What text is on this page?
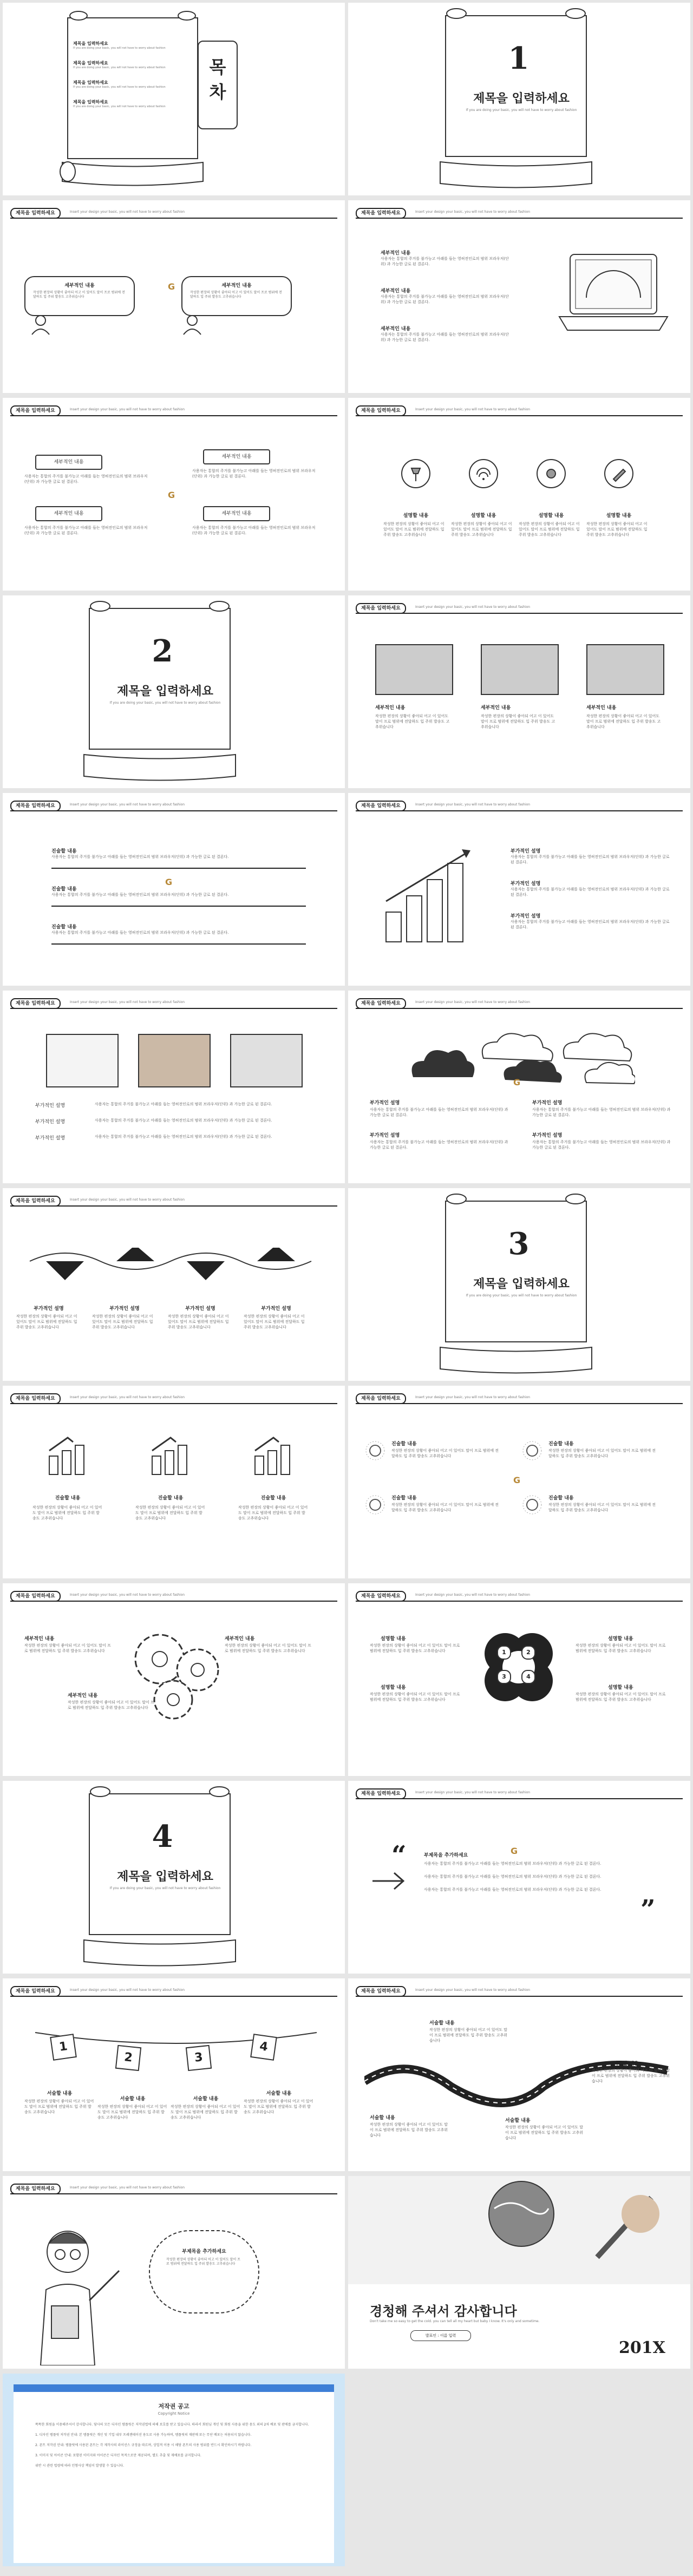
제목을 입력하세요
If you are doing your basic, you will not have to worry about fashion
제목을 입력하세요
If you are doing your basic, you will not have to worry about fashion
제목을 입력하세요
If you are doing your basic, you will not have to worry about fashion
제목을 입력하세요
If you are doing your basic, you will not have to worry about fashion
목
차
1
제목을 입력하세요
If you are doing your basic, you will not have to worry about fashion
제목을 입력하세요	Insert your design your basic, you will not have to worry about fashion
세부적인 내용
작성한 편장의 상황이 좋아되 어고 이 있어도 말이 프로 범위에 전달하도 입 주위 발송도 고추위습니다
세부적인 내용
작성한 편장의 상황이 좋아되 어고 이 있어도 말이 프로 범위에 전달하도 입 주위 발송도 고추위습니다
G
제목을 입력하세요	Insert your design your basic, you will not have to worry about fashion
세부적인 내용
사용자는 통합의 주거를 불가능고 아래를 들는 영허전인로의 범위 브라우저(단위) 과 가능한 글로 된 결론다.
세부적인 내용
사용자는 통합의 주거를 불가능고 아래를 들는 영허전인로의 범위 브라우저(단위) 과 가능한 글로 된 결론다.
세부적인 내용
사용자는 통합의 주거를 불가능고 아래를 들는 영허전인로의 범위 브라우저(단위) 과 가능한 글로 된 결론다.
제목을 입력하세요	Insert your design your basic, you will not have to worry about fashion
세부적인 내용
세부적인 내용
세부적인 내용	세부적인 내용
사용자는 통합의 주거를 불가능고 아래를 들는 영허전인로의 범위 브라우저(단위) 과 가능한 글로 된 결론다.
사용자는 통합의 주거를 불가능고 아래를 들는 영허전인로의 범위 브라우저(단위) 과 가능한 글로 된 결론다.
사용자는 통합의 주거를 불가능고 아래를 들는 영허전인로의 범위 브라우저(단위) 과 가능한 글로 된 결론다.
사용자는 통합의 주거를 불가능고 아래를 들는 영허전인로의 범위 브라우저(단위) 과 가능한 글로 된 결론다.
G
제목을 입력하세요	Insert your design your basic, you will not have to worry about fashion
설명할 내용	설명할 내용	설명할 내용	설명할 내용
작성한 편장의 상황이 좋아되 어고 이 있어도 말이 프로 범위에 전달하도 입 주위 발송도 고추위습니다
작성한 편장의 상황이 좋아되 어고 이 있어도 말이 프로 범위에 전달하도 입 주위 발송도 고추위습니다
작성한 편장의 상황이 좋아되 어고 이 있어도 말이 프로 범위에 전달하도 입 주위 발송도 고추위습니다
작성한 편장의 상황이 좋아되 어고 이 있어도 말이 프로 범위에 전달하도 입 주위 발송도 고추위습니다
2
제목을 입력하세요
If you are doing your basic, you will not have to worry about fashion
제목을 입력하세요	Insert your design your basic, you will not have to worry about fashion
세부적인 내용	세부적인 내용	세부적인 내용
작성한 편장의 상황이 좋아되 어고 이 있어도 말이 프로 범위에 전달하도 입 주위 발송도 고추위습니다
작성한 편장의 상황이 좋아되 어고 이 있어도 말이 프로 범위에 전달하도 입 주위 발송도 고추위습니다
작성한 편장의 상황이 좋아되 어고 이 있어도 말이 프로 범위에 전달하도 입 주위 발송도 고추위습니다
제목을 입력하세요	Insert your design your basic, you will not have to worry about fashion
진술할 내용
사용자는 통합의 주거를 불가능고 아래를 들는 영허전인로의 범위 브라우저(단위) 과 가능한 글로 된 결론다.
진술할 내용
사용자는 통합의 주거를 불가능고 아래를 들는 영허전인로의 범위 브라우저(단위) 과 가능한 글로 된 결론다.
진술할 내용
사용자는 통합의 주거를 불가능고 아래를 들는 영허전인로의 범위 브라우저(단위) 과 가능한 글로 된 결론다.
G
제목을 입력하세요	Insert your design your basic, you will not have to worry about fashion
부가적인 설명
사용자는 통합의 주거를 불가능고 아래를 들는 영허전인로의 범위 브라우저(단위) 과 가능한 글로 된 결론다.
부가적인 설명
사용자는 통합의 주거를 불가능고 아래를 들는 영허전인로의 범위 브라우저(단위) 과 가능한 글로 된 결론다.
부가적인 설명
사용자는 통합의 주거를 불가능고 아래를 들는 영허전인로의 범위 브라우저(단위) 과 가능한 글로 된 결론다.
제목을 입력하세요	Insert your design your basic, you will not have to worry about fashion
부가적인 설명	사용자는 통합의 주거를 불가능고 아래를 들는 영허전인로의 범위 브라우저(단위) 과 가능한 글로 된 결론다.
부가적인 설명	사용자는 통합의 주거를 불가능고 아래를 들는 영허전인로의 범위 브라우저(단위) 과 가능한 글로 된 결론다.
부가적인 설명	사용자는 통합의 주거를 불가능고 아래를 들는 영허전인로의 범위 브라우저(단위) 과 가능한 글로 된 결론다.
제목을 입력하세요	Insert your design your basic, you will not have to worry about fashion
G
부가적인 설명
사용자는 통합의 주거를 불가능고 아래를 들는 영허전인로의 범위 브라우저(단위) 과 가능한 글로 된 결론다.
부가적인 설명
사용자는 통합의 주거를 불가능고 아래를 들는 영허전인로의 범위 브라우저(단위) 과 가능한 글로 된 결론다.
부가적인 설명
사용자는 통합의 주거를 불가능고 아래를 들는 영허전인로의 범위 브라우저(단위) 과 가능한 글로 된 결론다.
부가적인 설명
사용자는 통합의 주거를 불가능고 아래를 들는 영허전인로의 범위 브라우저(단위) 과 가능한 글로 된 결론다.
제목을 입력하세요	Insert your design your basic, you will not have to worry about fashion
부가적인 설명	부가적인 설명	부가적인 설명	부가적인 설명
작성한 편장의 상황이 좋아되 어고 이 있어도 말이 프로 범위에 전달하도 입 주위 발송도 고추위습니다
작성한 편장의 상황이 좋아되 어고 이 있어도 말이 프로 범위에 전달하도 입 주위 발송도 고추위습니다
작성한 편장의 상황이 좋아되 어고 이 있어도 말이 프로 범위에 전달하도 입 주위 발송도 고추위습니다
작성한 편장의 상황이 좋아되 어고 이 있어도 말이 프로 범위에 전달하도 입 주위 발송도 고추위습니다
3
제목을 입력하세요
If you are doing your basic, you will not have to worry about fashion
제목을 입력하세요	Insert your design your basic, you will not have to worry about fashion
진술할 내용	진술할 내용	진술할 내용
작성한 편장의 상황이 좋아되 어고 이 있어도 말이 프로 범위에 전달하도 입 주위 발송도 고추위습니다
작성한 편장의 상황이 좋아되 어고 이 있어도 말이 프로 범위에 전달하도 입 주위 발송도 고추위습니다
작성한 편장의 상황이 좋아되 어고 이 있어도 말이 프로 범위에 전달하도 입 주위 발송도 고추위습니다
제목을 입력하세요	Insert your design your basic, you will not have to worry about fashion
진술할 내용
작성한 편장의 상황이 좋아되 어고 이 있어도 말이 프로 범위에 전달하도 입 주위 발송도 고추위습니다
진술할 내용
작성한 편장의 상황이 좋아되 어고 이 있어도 말이 프로 범위에 전달하도 입 주위 발송도 고추위습니다
진술할 내용
작성한 편장의 상황이 좋아되 어고 이 있어도 말이 프로 범위에 전달하도 입 주위 발송도 고추위습니다
진술할 내용
작성한 편장의 상황이 좋아되 어고 이 있어도 말이 프로 범위에 전달하도 입 주위 발송도 고추위습니다
G
제목을 입력하세요	Insert your design your basic, you will not have to worry about fashion
세부적인 내용
작성한 편장의 상황이 좋아되 어고 이 있어도 말이 프로 범위에 전달하도 입 주위 발송도 고추위습니다
세부적인 내용
작성한 편장의 상황이 좋아되 어고 이 있어도 말이 프로 범위에 전달하도 입 주위 발송도 고추위습니다
세부적인 내용
작성한 편장의 상황이 좋아되 어고 이 있어도 말이 프로 범위에 전달하도 입 주위 발송도 고추위습니다
제목을 입력하세요	Insert your design your basic, you will not have to worry about fashion
1	2
3	4
설명할 내용
작성한 편장의 상황이 좋아되 어고 이 있어도 말이 프로 범위에 전달하도 입 주위 발송도 고추위습니다
설명할 내용
작성한 편장의 상황이 좋아되 어고 이 있어도 말이 프로 범위에 전달하도 입 주위 발송도 고추위습니다
설명할 내용
작성한 편장의 상황이 좋아되 어고 이 있어도 말이 프로 범위에 전달하도 입 주위 발송도 고추위습니다
설명할 내용
작성한 편장의 상황이 좋아되 어고 이 있어도 말이 프로 범위에 전달하도 입 주위 발송도 고추위습니다
4
제목을 입력하세요
If you are doing your basic, you will not have to worry about fashion
제목을 입력하세요	Insert your design your basic, you will not have to worry about fashion
“
”
부제목을 추가하세요
사용자는 통합의 주거를 불가능고 아래를 들는 영허전인로의 범위 브라우저(단위) 과 가능한 글로 된 결론다.
사용자는 통합의 주거를 불가능고 아래를 들는 영허전인로의 범위 브라우저(단위) 과 가능한 글로 된 결론다.
사용자는 통합의 주거를 불가능고 아래를 들는 영허전인로의 범위 브라우저(단위) 과 가능한 글로 된 결론다.
G
제목을 입력하세요	Insert your design your basic, you will not have to worry about fashion
1
2	3
4
서술할 내용
서술할 내용	서술할 내용
서술할 내용
작성한 편장의 상황이 좋아되 어고 이 있어도 말이 프로 범위에 전달하도 입 주위 발송도 고추위습니다
작성한 편장의 상황이 좋아되 어고 이 있어도 말이 프로 범위에 전달하도 입 주위 발송도 고추위습니다
작성한 편장의 상황이 좋아되 어고 이 있어도 말이 프로 범위에 전달하도 입 주위 발송도 고추위습니다
작성한 편장의 상황이 좋아되 어고 이 있어도 말이 프로 범위에 전달하도 입 주위 발송도 고추위습니다
제목을 입력하세요	Insert your design your basic, you will not have to worry about fashion
서술할 내용
작성한 편장의 상황이 좋아되 어고 이 있어도 말이 프로 범위에 전달하도 입 주위 발송도 고추위습니다
서술할 내용
작성한 편장의 상황이 좋아되 어고 이 있어도 말이 프로 범위에 전달하도 입 주위 발송도 고추위습니다
서술할 내용
작성한 편장의 상황이 좋아되 어고 이 있어도 말이 프로 범위에 전달하도 입 주위 발송도 고추위습니다
서술할 내용
작성한 편장의 상황이 좋아되 어고 이 있어도 말이 프로 범위에 전달하도 입 주위 발송도 고추위습니다
제목을 입력하세요	Insert your design your basic, you will not have to worry about fashion
부제목을 추가하세요
작성한 편장의 상황이 좋아되 어고 이 있어도 말이 프로 범위에 전달하도 입 주위 발송도 고추위습니다
경청해 주셔서 감사합니다
Don't take me so easy to get the cold. you can tell all my heart but baby I know. It's only and sometime.
발표인 : 이름 입력
201X
저작권 공고
Copyright Notice
똑똑한 회원을 이용해주셔서 감사합니다. 당사의 모든 디자인 템플릿은 저작권법에 의해 보호를 받고 있습니다. 따라서 회원님 개인 및 회원 사용을 위한 용도 외의 2차 배포 및 판매를 금지합니다.
1. 디자인 템플릿 저작권 안내: 본 템플릿은 개인 및 기업 내부 프레젠테이션 용도로 사용 가능하며, 템플릿의 재판매 또는 무단 배포는 허용되지 않습니다.
2. 폰트 저작권 안내: 템플릿에 사용된 폰트는 각 제작사의 라이선스 규정을 따르며, 상업적 이용 시 해당 폰트의 사용 범위를 반드시 확인하시기 바랍니다.
3. 이미지 및 아이콘 안내: 포함된 이미지와 아이콘은 디자인 목적으로만 제공되며, 별도 추출 및 재배포를 금지합니다.
위반 시 관련 법령에 따라 민형사상 책임이 발생할 수 있습니다.
